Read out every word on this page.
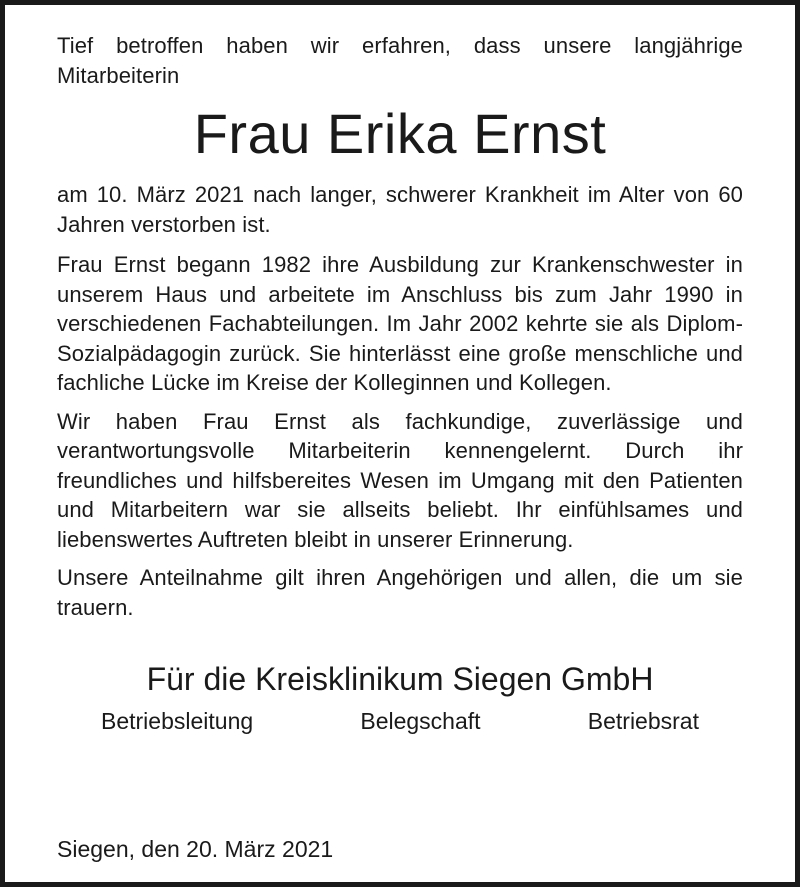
Tief betroffen haben wir erfahren, dass unsere langjährige Mitarbeiterin

Frau Erika Ernst

am 10. März 2021 nach langer, schwerer Krankheit im Alter von 60 Jahren verstorben ist.

Frau Ernst begann 1982 ihre Ausbildung zur Krankenschwester in unserem Haus und arbeitete im Anschluss bis zum Jahr 1990 in verschiedenen Fachabteilungen. Im Jahr 2002 kehrte sie als Diplom-Sozialpädagogin zurück. Sie hinterlässt eine große menschliche und fachliche Lücke im Kreise der Kolleginnen und Kollegen.

Wir haben Frau Ernst als fachkundige, zuverlässige und verantwortungsvolle Mitarbeiterin kennengelernt. Durch ihr freundliches und hilfsbereites Wesen im Umgang mit den Patienten und Mitarbeitern war sie allseits beliebt. Ihr einfühlsames und liebenswertes Auftreten bleibt in unserer Erinnerung.

Unsere Anteilnahme gilt ihren Angehörigen und allen, die um sie trauern.

Für die Kreisklinikum Siegen GmbH

Betriebsleitung	Belegschaft	Betriebsrat

Siegen, den 20. März 2021
